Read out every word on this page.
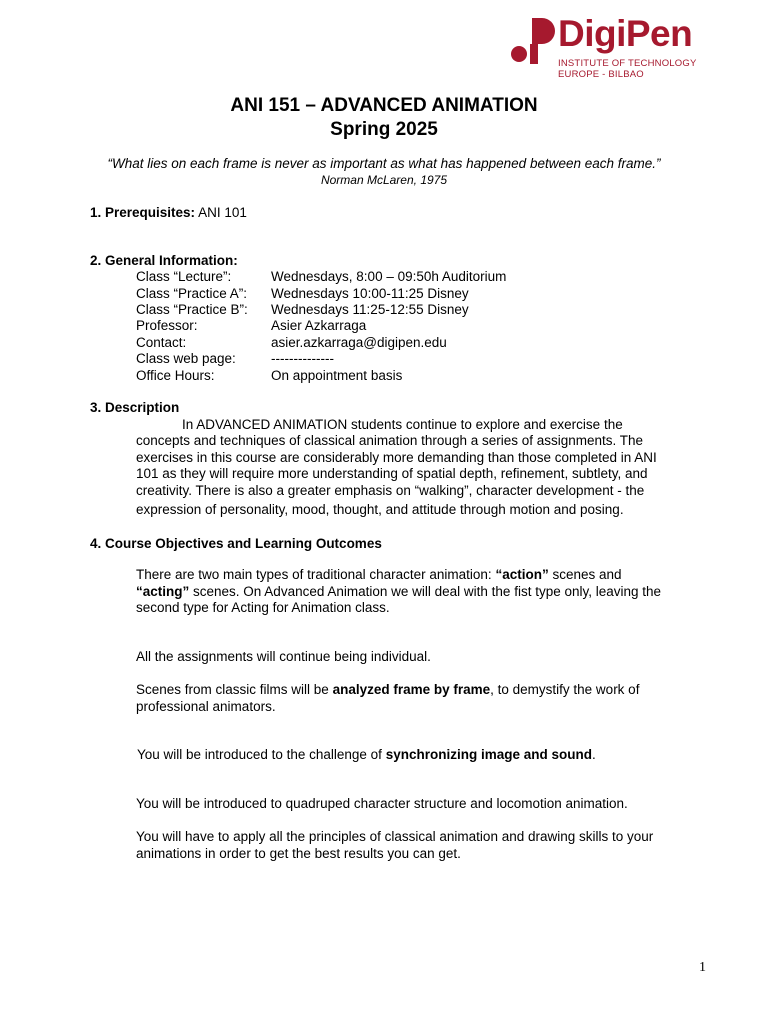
DigiPen
INSTITUTE OF TECHNOLOGY
EUROPE - BILBAO
ANI 151 – ADVANCED ANIMATION
Spring 2025
“What lies on each frame is never as important as what has happened between each frame.”
Norman McLaren, 1975
1. Prerequisites: ANI 101
2. General Information:
Class “Lecture”:	Wednesdays, 8:00 – 09:50h Auditorium
Class “Practice A”: Wednesdays 10:00-11:25 Disney
Class “Practice B”: Wednesdays 11:25-12:55 Disney
Professor:	Asier Azkarraga
Contact:	asier.azkarraga@digipen.edu
Class web page:	--------------
Office Hours:	On appointment basis
3. Description
In ADVANCED ANIMATION students continue to explore and exercise the
concepts and techniques of classical animation through a series of assignments. The
exercises in this course are considerably more demanding than those completed in ANI
101 as they will require more understanding of spatial depth, refinement, subtlety, and
creativity. There is also a greater emphasis on “walking”, character development - the
expression of personality, mood, thought, and attitude through motion and posing.
4. Course Objectives and Learning Outcomes
There are two main types of traditional character animation: “action” scenes and
“acting” scenes. On Advanced Animation we will deal with the fist type only, leaving the
second type for Acting for Animation class.
All the assignments will continue being individual.
Scenes from classic films will be analyzed frame by frame, to demystify the work of
professional animators.
You will be introduced to the challenge of synchronizing image and sound.
You will be introduced to quadruped character structure and locomotion animation.
You will have to apply all the principles of classical animation and drawing skills to your
animations in order to get the best results you can get.
1
